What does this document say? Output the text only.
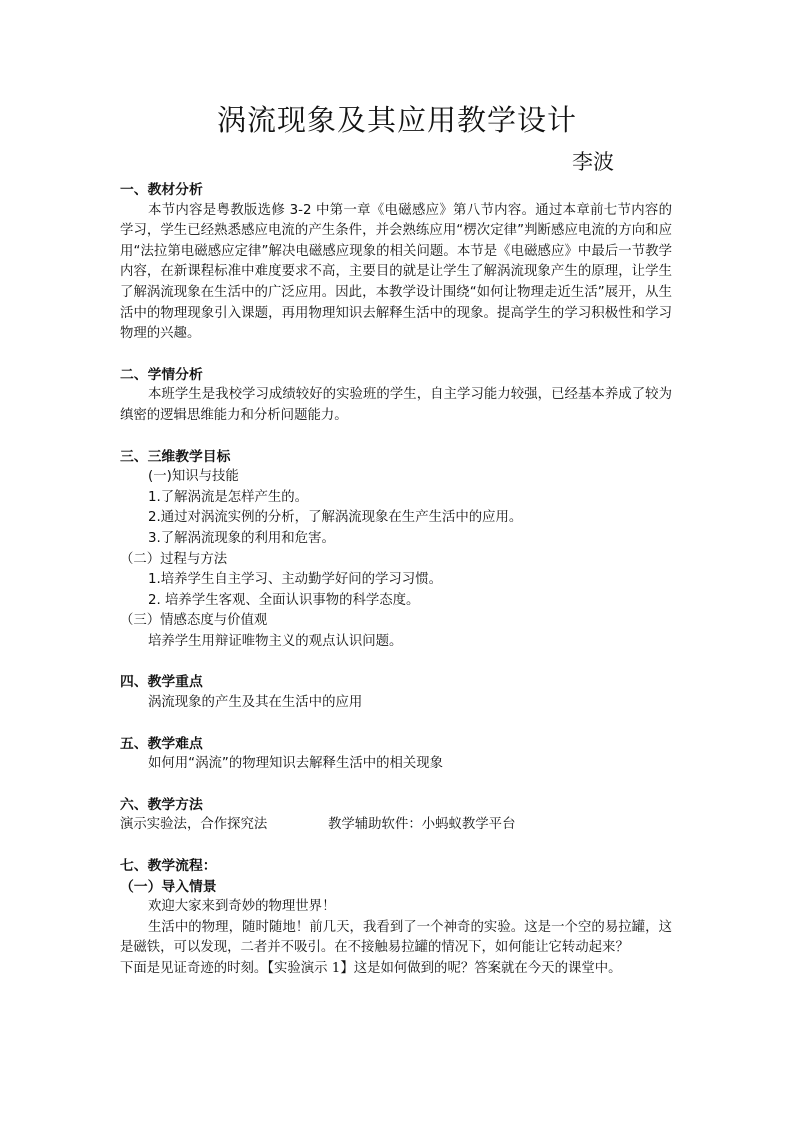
涡流现象及其应用教学设计
李波

一、教材分析

本节内容是粤教版选修 3-2 中第一章《电磁感应》第八节内容。通过本章前七节内容的学习，学生已经熟悉感应电流的产生条件，并会熟练应用“楞次定律”判断感应电流的方向和应用“法拉第电磁感应定律”解决电磁感应现象的相关问题。本节是《电磁感应》中最后一节教学内容，在新课程标准中难度要求不高，主要目的就是让学生了解涡流现象产生的原理，让学生了解涡流现象在生活中的广泛应用。因此，本教学设计围绕“如何让物理走近生活”展开，从生活中的物理现象引入课题，再用物理知识去解释生活中的现象。提高学生的学习积极性和学习物理的兴趣。

二、学情分析

本班学生是我校学习成绩较好的实验班的学生，自主学习能力较强，已经基本养成了较为缜密的逻辑思维能力和分析问题能力。

三、三维教学目标

(一)知识与技能

1.了解涡流是怎样产生的。

2.通过对涡流实例的分析，了解涡流现象在生产生活中的应用。

3.了解涡流现象的利用和危害。

（二）过程与方法

1.培养学生自主学习、主动勤学好问的学习习惯。

2. 培养学生客观、全面认识事物的科学态度。

（三）情感态度与价值观

培养学生用辩证唯物主义的观点认识问题。

四、教学重点

涡流现象的产生及其在生活中的应用

五、教学难点

如何用“涡流”的物理知识去解释生活中的相关现象

六、教学方法

演示实验法，合作探究法	教学辅助软件：小蚂蚁教学平台

七、教学流程：

（一）导入情景

欢迎大家来到奇妙的物理世界！

生活中的物理，随时随地！前几天，我看到了一个神奇的实验。这是一个空的易拉罐，这是磁铁，可以发现，二者并不吸引。在不接触易拉罐的情况下，如何能让它转动起来？

下面是见证奇迹的时刻。【实验演示 1】这是如何做到的呢？答案就在今天的课堂中。
